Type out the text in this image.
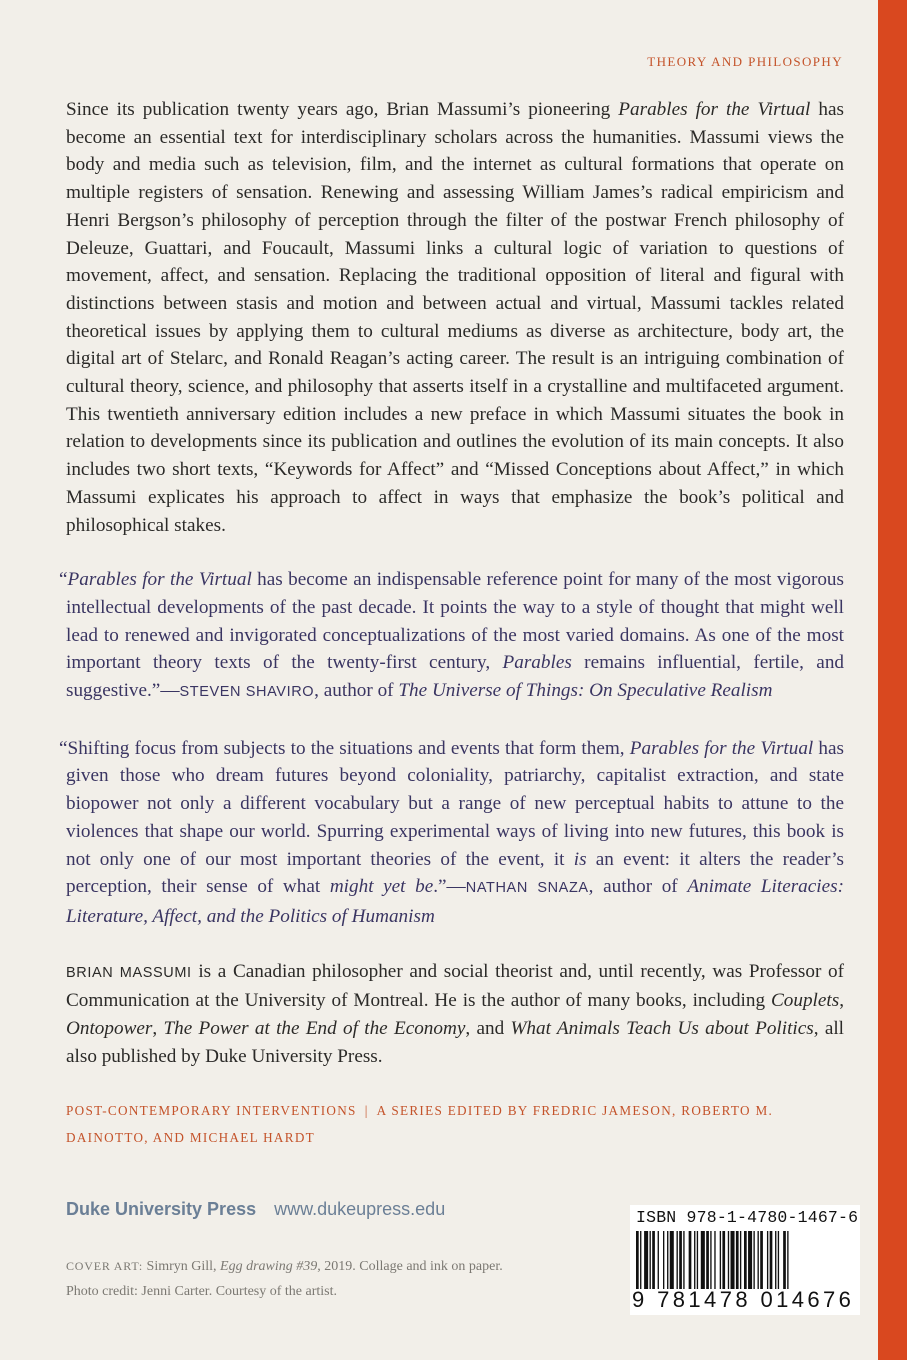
THEORY AND PHILOSOPHY

Since its publication twenty years ago, Brian Massumi’s pioneering Parables for the Virtual has become an essential text for interdisciplinary scholars across the humanities. Massumi views the body and media such as television, film, and the internet as cultural formations that operate on multiple registers of sensation. Renewing and assessing William James’s radical empiricism and Henri Bergson’s philosophy of perception through the filter of the postwar French philosophy of Deleuze, Guattari, and Foucault, Massumi links a cultural logic of variation to questions of movement, affect, and sensation. Replacing the traditional opposition of literal and figural with distinctions between stasis and motion and between actual and virtual, Massumi tackles related theoretical issues by applying them to cultural mediums as diverse as architecture, body art, the digital art of Stelarc, and Ronald Reagan’s acting career. The result is an intriguing combination of cultural theory, science, and philosophy that asserts itself in a crystalline and multifaceted argument. This twentieth anniversary edition includes a new preface in which Massumi situates the book in relation to developments since its publication and outlines the evolution of its main concepts. It also includes two short texts, “Keywords for Affect” and “Missed Conceptions about Affect,” in which Massumi explicates his approach to affect in ways that emphasize the book’s political and philosophical stakes.

“Parables for the Virtual has become an indispensable reference point for many of the most vigorous intellectual developments of the past decade. It points the way to a style of thought that might well lead to renewed and invigorated conceptualizations of the most varied domains. As one of the most important theory texts of the twenty-first century, Parables remains influential, fertile, and suggestive.”—STEVEN SHAVIRO, author of The Universe of Things: On Speculative Realism

“Shifting focus from subjects to the situations and events that form them, Parables for the Virtual has given those who dream futures beyond coloniality, patriarchy, capitalist extraction, and state biopower not only a different vocabulary but a range of new perceptual habits to attune to the violences that shape our world. Spurring experimental ways of living into new futures, this book is not only one of our most important theories of the event, it is an event: it alters the reader’s perception, their sense of what might yet be.”—NATHAN SNAZA, author of Animate Literacies: Literature, Affect, and the Politics of Humanism

BRIAN MASSUMI is a Canadian philosopher and social theorist and, until recently, was Professor of Communication at the University of Montreal. He is the author of many books, including Couplets, Ontopower, The Power at the End of the Economy, and What Animals Teach Us about Politics, all also published by Duke University Press.

POST-CONTEMPORARY INTERVENTIONS | A SERIES EDITED BY FREDRIC JAMESON, ROBERTO M. DAINOTTO, AND MICHAEL HARDT

Duke University Press www.dukeupress.edu
COVER ART: Simryn Gill, Egg drawing #39, 2019. Collage and ink on paper.
Photo credit: Jenni Carter. Courtesy of the artist.
ISBN 978-1-4780-1467-6
9 781478 014676
